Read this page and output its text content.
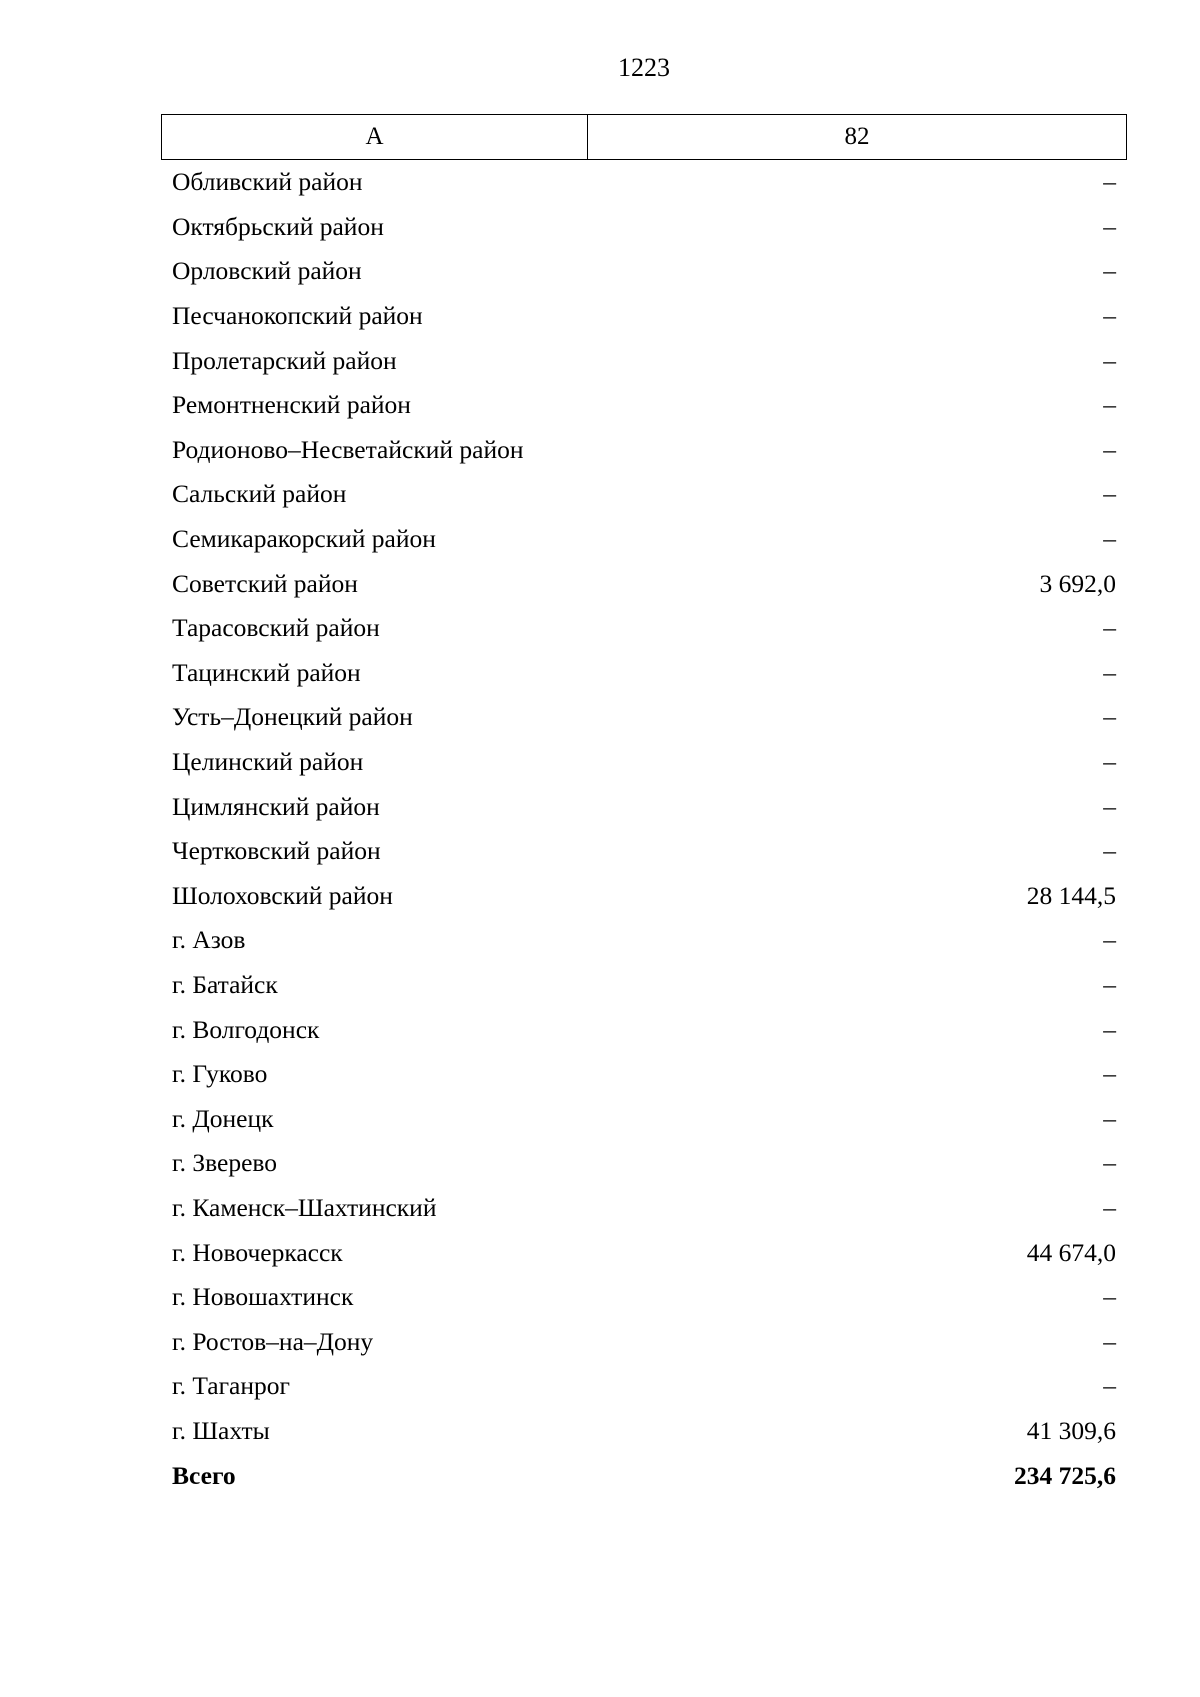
1223
А	82
Обливский район	–
Октябрьский район	–
Орловский район	–
Песчанокопский район	–
Пролетарский район	–
Ремонтненский район	–
Родионово–Несветайский район	–
Сальский район	–
Семикаракорский район	–
Советский район	3 692,0
Тарасовский район	–
Тацинский район	–
Усть–Донецкий район	–
Целинский район	–
Цимлянский район	–
Чертковский район	–
Шолоховский район	28 144,5
г. Азов	–
г. Батайск	–
г. Волгодонск	–
г. Гуково	–
г. Донецк	–
г. Зверево	–
г. Каменск–Шахтинский	–
г. Новочеркасск	44 674,0
г. Новошахтинск	–
г. Ростов–на–Дону	–
г. Таганрог	–
г. Шахты	41 309,6
Всего	234 725,6
